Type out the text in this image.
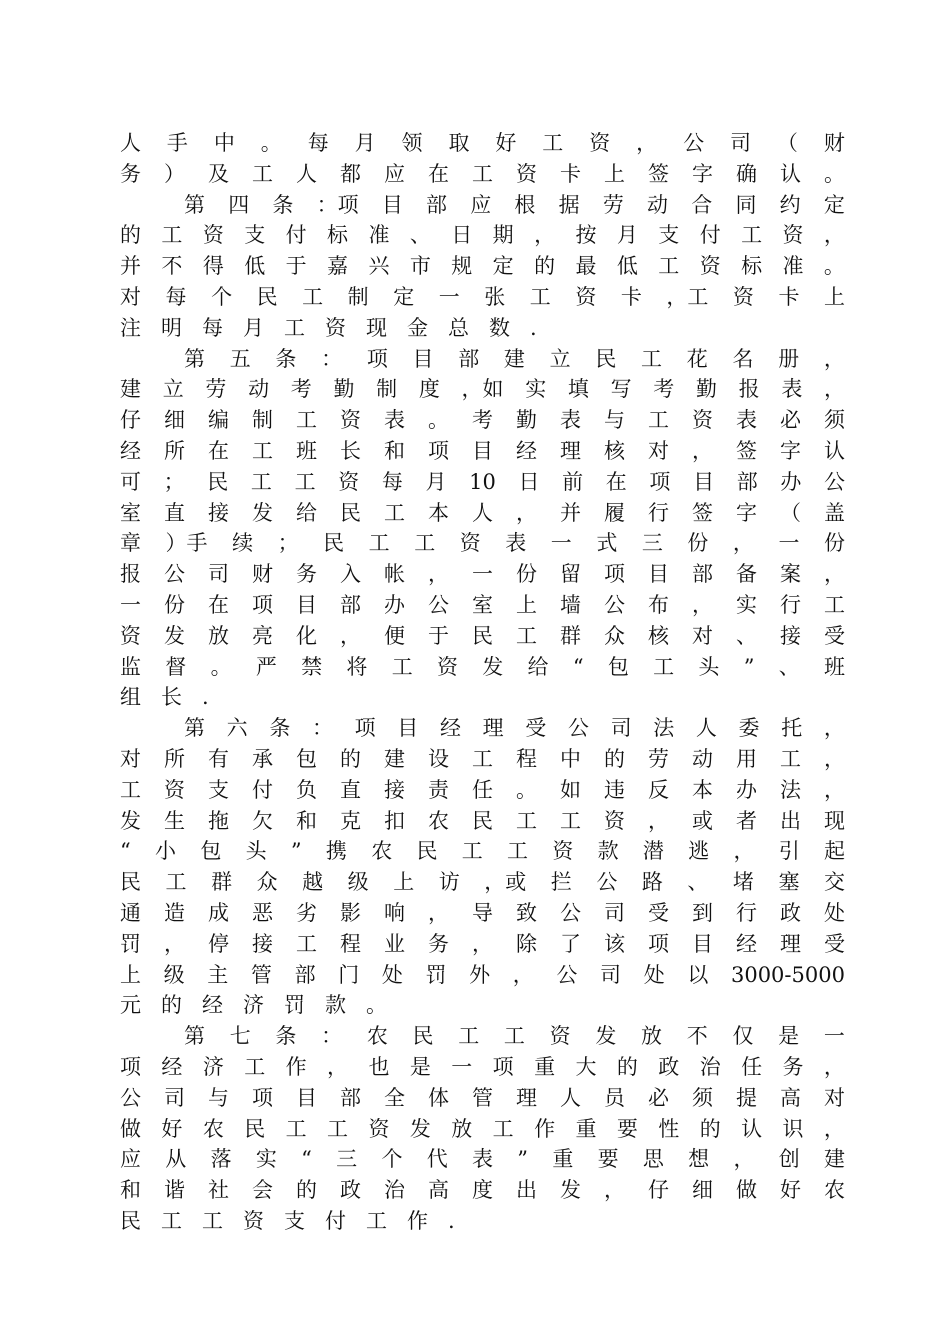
人 手 中 。 每 月 领 取 好 工 资 ， 公 司 （ 财
务 ） 及 工 人 都 应 在 工 资 卡 上 签 字 确 认 。
第 四 条 ：项 目 部 应 根 据 劳 动 合 同 约 定
的 工 资 支 付 标 准 、 日 期 ， 按 月 支 付 工 资 ，
并 不 得 低 于 嘉 兴 市 规 定 的 最 低 工 资 标 准 。
对 每 个 民 工 制 定 一 张 工 资 卡 ，工 资 卡 上
注 明 每 月 工 资 现 金 总 数 .
第 五 条 ： 项 目 部 建 立 民 工 花 名 册 ，
建 立 劳 动 考 勤 制 度 ，如 实 填 写 考 勤 报 表 ，
仔 细 编 制 工 资 表 。 考 勤 表 与 工 资 表 必 须
经 所 在 工 班 长 和 项 目 经 理 核 对 ， 签 字 认
可 ； 民 工 工 资 每 月 10 日 前 在 项 目 部 办 公
室 直 接 发 给 民 工 本 人 ， 并 履 行 签 字 （ 盖
章 ）手 续 ； 民 工 工 资 表 一 式 三 份 ， 一 份
报 公 司 财 务 入 帐 ， 一 份 留 项 目 部 备 案 ，
一 份 在 项 目 部 办 公 室 上 墙 公 布 ， 实 行 工
资 发 放 亮 化 ， 便 于 民 工 群 众 核 对 、 接 受
监 督 。 严 禁 将 工 资 发 给 “ 包 工 头 ” 、 班
组 长 .
第 六 条 ： 项 目 经 理 受 公 司 法 人 委 托 ，
对 所 有 承 包 的 建 设 工 程 中 的 劳 动 用 工 ，
工 资 支 付 负 直 接 责 任 。 如 违 反 本 办 法 ，
发 生 拖 欠 和 克 扣 农 民 工 工 资 ， 或 者 出 现
“ 小 包 头 ” 携 农 民 工 工 资 款 潜 逃 ， 引 起
民 工 群 众 越 级 上 访 ，或 拦 公 路 、 堵 塞 交
通 造 成 恶 劣 影 响 ， 导 致 公 司 受 到 行 政 处
罚 ， 停 接 工 程 业 务 ， 除 了 该 项 目 经 理 受
上 级 主 管 部 门 处 罚 外 ， 公 司 处 以 3000-5000
元 的 经 济 罚 款 。
第 七 条 ： 农 民 工 工 资 发 放 不 仅 是 一
项 经 济 工 作 ， 也 是 一 项 重 大 的 政 治 任 务 ，
公 司 与 项 目 部 全 体 管 理 人 员 必 须 提 高 对
做 好 农 民 工 工 资 发 放 工 作 重 要 性 的 认 识 ，
应 从 落 实 “ 三 个 代 表 ” 重 要 思 想 ， 创 建
和 谐 社 会 的 政 治 高 度 出 发 ， 仔 细 做 好 农
民 工 工 资 支 付 工 作 .
